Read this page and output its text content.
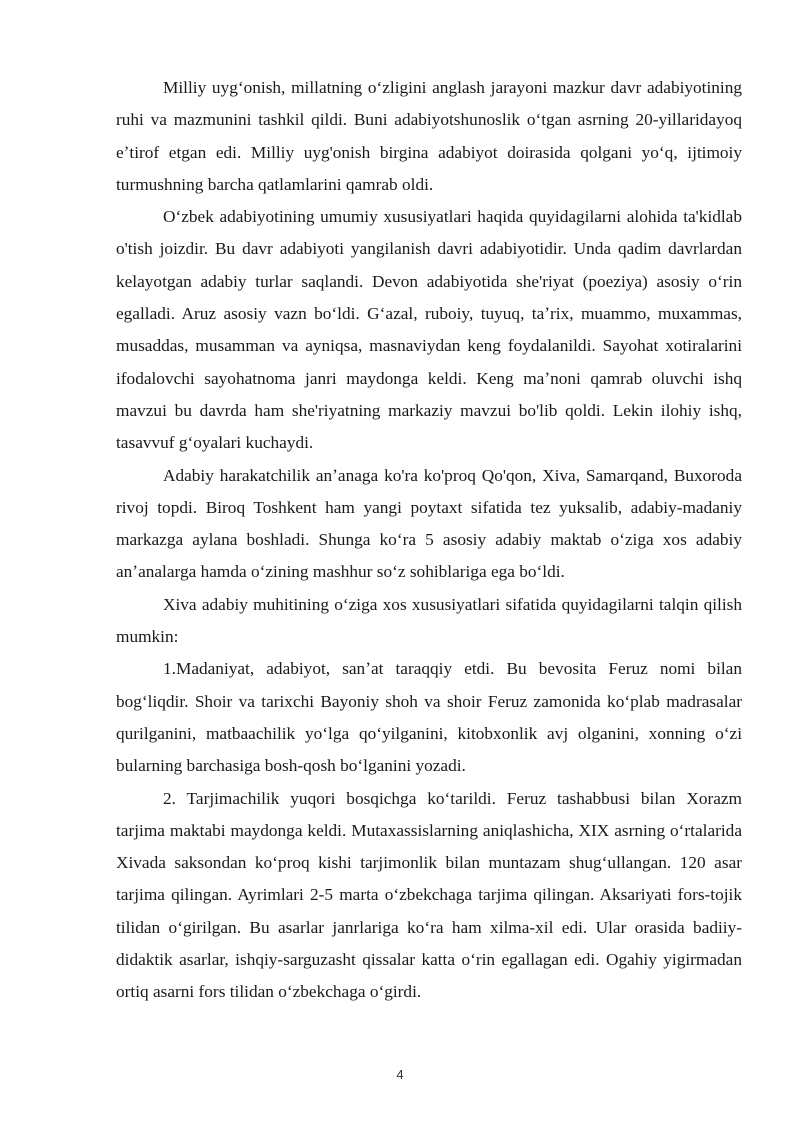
Milliy uygʻonish, millatning oʻzligini anglash jarayoni mazkur davr adabiyotining ruhi va mazmunini tashkil qildi. Buni adabiyotshunoslik oʻtgan asrning 20-yillaridayoq eʼtirof etgan edi. Milliy uyg'onish birgina adabiyot doirasida qolgani yoʻq, ijtimoiy turmushning barcha qatlamlarini qamrab oldi.

Oʻzbek adabiyotining umumiy xususiyatlari haqida quyidagilarni alohida ta'kidlab o'tish joizdir. Bu davr adabiyoti yangilanish davri adabiyotidir. Unda qadim davrlardan kelayotgan adabiy turlar saqlandi. Devon adabiyotida she'riyat (poeziya) asosiy oʻrin egalladi. Aruz asosiy vazn boʻldi. Gʻazal, ruboiy, tuyuq, taʼrix, muammo, muxammas, musaddas, musamman va ayniqsa, masnaviydan keng foydalanildi. Sayohat xotiralarini ifodalovchi sayohatnoma janri maydonga keldi. Keng maʼnoni qamrab oluvchi ishq mavzui bu davrda ham she'riyatning markaziy mavzui bo'lib qoldi. Lekin ilohiy ishq, tasavvuf gʻoyalari kuchaydi.

Adabiy harakatchilik anʼanaga ko'ra ko'proq Qo'qon, Xiva, Samarqand, Buxoroda rivoj topdi. Biroq Toshkent ham yangi poytaxt sifatida tez yuksalib, adabiy-madaniy markazga aylana boshladi. Shunga koʻra 5 asosiy adabiy maktab oʻziga xos adabiy anʼanalarga hamda oʻzining mashhur soʻz sohiblariga ega boʻldi.

Xiva adabiy muhitining oʻziga xos xususiyatlari sifatida quyidagilarni talqin qilish mumkin:

1.Madaniyat, adabiyot, sanʼat taraqqiy etdi. Bu bevosita Feruz nomi bilan bogʻliqdir. Shoir va tarixchi Bayoniy shoh va shoir Feruz zamonida koʻplab madrasalar qurilganini, matbaachilik yoʻlga qoʻyilganini, kitobxonlik avj olganini, xonning oʻzi bularning barchasiga bosh-qosh boʻlganini yozadi.

2. Tarjimachilik yuqori bosqichga koʻtarildi. Feruz tashabbusi bilan Xorazm tarjima maktabi maydonga keldi. Mutaxassislarning aniqlashicha, XIX asrning oʻrtalarida Xivada saksondan koʻproq kishi tarjimonlik bilan muntazam shugʻullangan. 120 asar tarjima qilingan. Ayrimlari 2-5 marta oʻzbekchaga tarjima qilingan. Aksariyati fors-tojik tilidan oʻgirilgan. Bu asarlar janrlariga koʻra ham xilma-xil edi. Ular orasida badiiy-didaktik asarlar, ishqiy-sarguzasht qissalar katta oʻrin egallagan edi. Ogahiy yigirmadan ortiq asarni fors tilidan oʻzbekchaga oʻgirdi.

4
